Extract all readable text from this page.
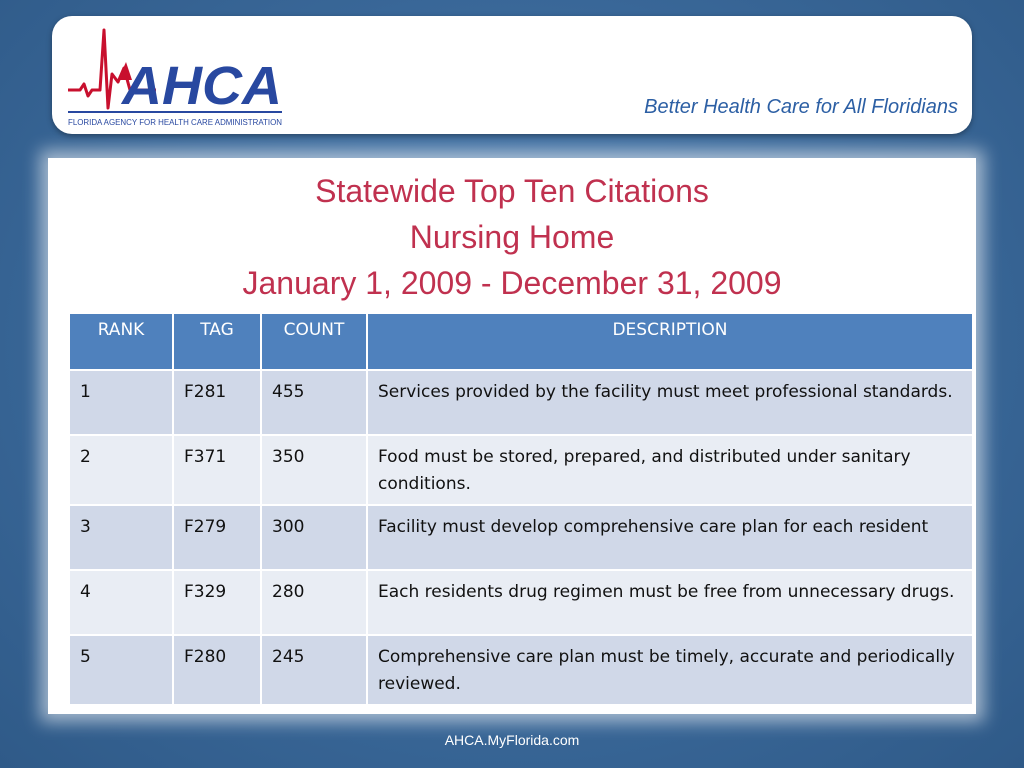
AHCA
FLORIDA AGENCY FOR HEALTH CARE ADMINISTRATION
Better Health Care for All Floridians
Statewide Top Ten Citations
Nursing Home
January 1, 2009 - December 31, 2009
RANK	TAG	COUNT	DESCRIPTION
1	F281	455	Services provided by the facility must meet professional standards.
2	F371	350	Food must be stored, prepared, and distributed under sanitary conditions.
3	F279	300	Facility must develop comprehensive care plan for each resident
4	F329	280	Each residents drug regimen must be free from unnecessary drugs.
5	F280	245	Comprehensive care plan must be timely, accurate and periodically reviewed.
AHCA.MyFlorida.com
